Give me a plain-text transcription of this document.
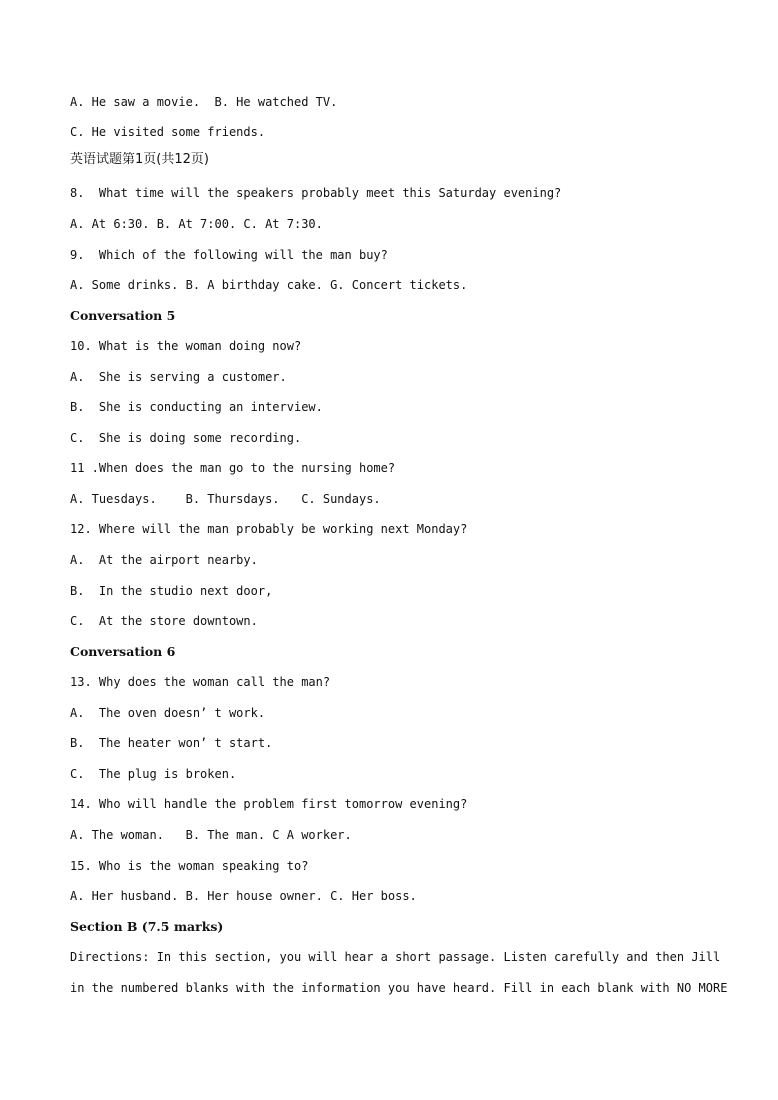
A. He saw a movie.  B. He watched TV.
C. He visited some friends.
英语试题第1页(共12页)
8.  What time will the speakers probably meet this Saturday evening?
A. At 6:30. B. At 7:00. C. At 7:30.
9.  Which of the following will the man buy?
A. Some drinks. B. A birthday cake. G. Concert tickets.
Conversation 5
10. What is the woman doing now?
A.  She is serving a customer.
B.  She is conducting an interview.
C.  She is doing some recording.
11 .When does the man go to the nursing home?
A. Tuesdays.    B. Thursdays.   C. Sundays.
12. Where will the man probably be working next Monday?
A.  At the airport nearby.
B.  In the studio next door,
C.  At the store downtown.
Conversation 6
13. Why does the woman call the man?
A.  The oven doesn’ t work.
B.  The heater won’ t start.
C.  The plug is broken.
14. Who will handle the problem first tomorrow evening?
A. The woman.   B. The man. C A worker.
15. Who is the woman speaking to?
A. Her husband. B. Her house owner. C. Her boss.
Section B (7.5 marks)
Directions: In this section, you will hear a short passage. Listen carefully and then Jill
in the numbered blanks with the information you have heard. Fill in each blank with NO MORE
